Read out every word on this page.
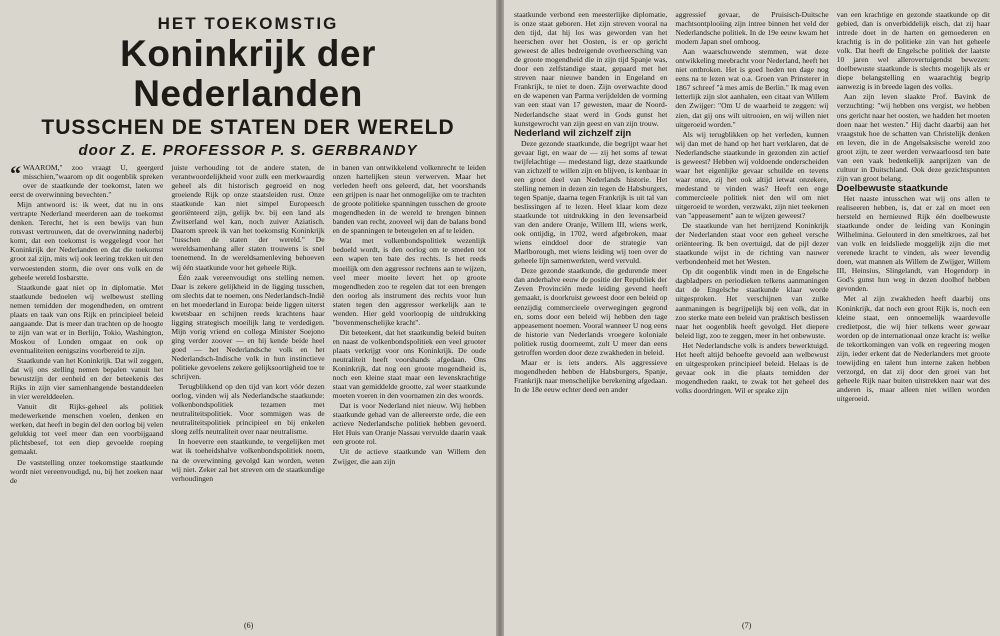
HET TOEKOMSTIG
Koninkrijk der Nederlanden
TUSSCHEN DE STATEN DER WERELD
door Z. E. PROFESSOR P. S. GERBRANDY

“ WAAROM," zoo vraagt U, geergerd misschien,"waarom op dit oogenblik spreken over de staatkunde der toekomst, laten we eerst de overwinning bevechten."

Mijn antwoord is: ik weet, dat nu in ons vertrapte Nederland meerderen aan de toekomst denken. Terecht, het is een bewijs van hun rotsvast vertrouwen, dat de overwinning naderbij komt, dat een toekomst is weggelegd voor het Koninkrijk der Nederlanden en dat die toekomst groot zal zijn, mits wij ook leering trekken uit den verwoestenden storm, die over ons volk en de geheele wereld losbarstte.

Staatkunde gaat niet op in diplomatie. Met staatkunde bedoelen wij welbewust stelling nemen temidden der mogendheden, en omtrent plaats en taak van ons Rijk en principieel beleid aangaande. Dat is meer dan trachten op de hoogte te zijn van wat er in Berlijn, Tokio, Washington, Moskou of Londen omgaat en ook op eventualiteiten eenigszins voorbereid te zijn.

Staatkunde van het Koninkrijk. Dat wil zeggen, dat wij ons stelling nemen bepalen vanuit het bewustzijn der eenheid en der beteekenis des Rijks in zijn vier samenhangende bestanddeelen in vier werelddeelen.

Vanuit dit Rijks-geheel als politiek medewerkende menschen voelen, denken en werken, dat heeft in begin del den oorlog bij velen gelukkig tot veel meer dan een voorbijgaand plichtsbesef, tot een diep gevoelde roeping gemaakt.

De vaststelling onzer toekomstige staatkunde wordt niet vereenvoudigd, nu, bij het zoeken naar de

juiste verhouding tot de andere staten, de verantwoordelijkheid voor zulk een merkwaardig geheel als dit historisch gegroeid en nog groeiende Rijk op onze staatsleiden rust. Onze staatkunde kan niet simpel Europeesch georiënteerd zijn, gelijk bv. bij een land als Zwitserland wel kan, noch zuiver Aziatisch. Daarom spreek ik van het toekomstig Koninkrijk "tusschen de staten der wereld." De wereldsamenhang aller staten trouwens is snel toenemend. In de wereldsamenleving behoeven wij één staatkunde voor het geheele Rijk.

Één zaak vereenvoudigt ons stelling nemen. Daar is zekere gelijkheid in de ligging tusschen, om slechts dat te noemen, ons Nederlandsch-Indië en het moederland in Europa: beide liggen uiterst kwetsbaar en schijnen reeds krachtens haar ligging strategisch moeilijk lang te verdedigen. Mijn vorig vriend en collega Minister Soejono ging verder zoover — en hij kende beide heel goed — het Nederlandsche volk en het Nederlandsch-Indische volk in hun instinctieve politieke gevoelens zekere gelijksoortigheid toe te schrijven.

Terugblikkend op den tijd van kort vóór dezen oorlog, vinden wij als Nederlandsche staatkunde: volkenbondspolitiek tezamen met neutraliteitspolitiek. Voor sommigen was de neutraliteitspolitiek principieel en bij enkelen sloeg zelfs neutraliteit over naar neutralisme.

In hoeverre een staatkunde, te vergelijken met wat ik toeheidshalve volkenbondspolitiek noem, na de overwinning gevolgd kan worden, weten wij niet. Zeker zal het streven om de staatkundige verhoudingen

in banen van ontwikkelend volkenrecht te leiden onzen hartelijken steun verwerven. Maar het verleden heeft ons geleerd, dat, het voorshands een grijpen is naar het onmogelijke om te trachten de groote politieke spanningen tusschen de groote mogendheden in de wereld te brengen binnen banden van recht, zooveel wij dan de balans bond en de spanningen te beteugelen en af te leiden.

Wat met volkenbondspolitiek wezenlijk bedoeld wordt, is den oorlog om te smeden tot een wapen ten bate des rechts. Is het reeds moeilijk om den aggressor rechtens aan te wijzen, veel meer moeite levert het op groote mogendheden zoo te regelen dat tot een brengen den oorlog als instrument des rechts voor hun staten tegen den aggressor werkelijk aan te wenden. Hier geld voorloopig de uitdrukking "bovenmenschelijke kracht".

Dit beteekent, dat het staatkundig beleid buiten en naast de volkenbondspolitiek een veel grooter plaats verkrijgt voor ons Koninkrijk. De oude neutraliteit heeft voorshands afgedaan. Ons Koninkrijk, dat nog een groote mogendheid is, noch een kleine staat maar een levenskrachtige staat van gemiddelde grootte, zal weer staatkunde moeten voeren in den voornamen zin des woords.

Dat is voor Nederland niet nieuw. Wij hebben staatkunde gehad van de allereerste orde, die een actieve Nederlandsche politiek hebben gevoerd. Het Huis van Oranje Nassau vervulde daarin vaak een groote rol.

Uit de actieve staatkunde van Willem den Zwijger, die aan zijn

(6)

staatkunde verbond een meesterlijke diplomatie, is onze staat geboren. Het zijn streven vooral na den tijd, dat hij los was geworden van het heerschen over het Oosten, is er op gericht geweest de alles bedreigende overheersching van de groote mogendheid die in zijn tijd Spanje was, door een zelfstandige staat, gepaard met het streven naar nieuwe banden in Engeland en Frankrijk, te niet te doen. Zijn overwachte dood en de wapenen van Parma verijdelden de vorming van een staat van 17 gewesten, maar de Noord-Nederlandsche staat werd in Gods gunst het kunstgewrocht van zijn geest en van zijn trouw.

Nederland wil zichzelf zijn

Deze gezonde staatkunde, die begrijpt waar het gevaar ligt, en waar de — zij het soms af tewat twijfelachtige — medestand ligt, deze staatkunde van zichzelf te willen zijn en blijven, is kenbaar in een groot deel van Nederlands historie. Het stelling nemen in dezen zin tegen de Habsburgers, tegen Spanje, daarna tegen Frankrijk is uit tal van beslissingen af te lezen. Heel klaar kom deze staatkunde tot uitdrukking in den levensarbeid van den andere Oranje, Willem III, wiens werk, ook ontijdig, in 1702, werd afgebroken, maar wiens einddoel door de strategie van Marlborough, met wiens leiding wij toen over de geheele lijn samenwerkten, werd vervuld.

Deze gezonde staatkunde, die gedurende meer dan anderhalve eeuw de positie der Republiek der Zeven Provinciën mede leiding gevend heeft gemaakt, is doorkruist geweest door een beleid op eenzijdig commercieele overwegingen gegrond en, soms door een beleid wij hebben den tage appeasement noemen. Vooral wanneer U nog eens de historie van Nederlands vroegere koloniale politiek rustig doorneemt, zult U meer dan eens getroffen worden door deze zwakheden in beleid.

Maar er is iets anders. Als aggressieve mogendheden hebben de Habsburgers, Spanje, Frankrijk naar menschelijke berekening afgedaan. In de 18e eeuw echter deed een ander

aggressief gevaar, de Pruisisch-Duitsche machtsontplooiing zijn intree binnen het veld der Nederlandsche politiek. In de 19e eeuw kwam het modern Japan snel omhoog.

Aan waarschuwende stemmen, wat deze ontwikkeling meebracht voor Nederland, heeft het niet ontbroken. Het is goed heden ten dage nog eens na te lezen wat o.a. Groen van Prinsterer in 1867 schreef "à mes amis de Berlin." Ik mag even letterlijk zijn slot aanhalen, een citaat van Willem den Zwijger: "Om U de waarheid te zeggen: wij zien, dat gij ons wilt uitrooien, en wij willen niet uitgeroeid worden."

Als wij terugblikken op het verleden, kunnen wij dan met de hand op het hart verklaren, dat de Nederlandsche staatkunde in gezonden zin actief is geweest? Hebben wij voldoende onderscheiden waar het eigenlijke gevaar schuilde en tevens waar onze, zij het ook altijd ietwat onzekere, medestand te vinden was? Heeft een enge commercieele politiek niet den wil om niet uitgeroeid te worden, verzwakt, zijn niet teekenen van "appeasement" aan te wijzen geweest?

De staatkunde van het herrijzend Koninkrijk der Nederlanden staat voor een geheel versche oriënteering. Ik ben overtuigd, dat de pijl dezer staatkunde wijst in de richting van nauwer verbondenheid met het Westen.

Op dit oogenblik vindt men in de Engelsche dagbladpers en periodieken telkens aanmaningen dat de Engelsche staatkunde klaar worde uitgesproken. Het verschijnen van zulke aanmaningen is begrijpelijk bij een volk, dat in zoo sterke mate een beleid van praktisch beslissen naar het oogenblik heeft gevolgd. Het diepere beleid ligt, zoo te zeggen, meer in het onbewuste.

Het Nederlandsche volk is anders bewerktuigd. Het heeft altijd behoefte gevoeld aan welbewust en uitgesproken principieel beleid. Helaas is de gevaar ook in die plaats temidden der mogendheden raakt, te zwak tot het geheel des volks doordringen. Wil er sprake zijn

van een krachtige en gezonde staatkunde op dit gebied, dan is onverbiddelijk eisch, dat zij haar intrede doet in de harten en gemoederen en krachtig is in de politieke zin van het geheele volk. Dat heeft de Engelsche politiek der laatste 10 jaren wel allerovertuigendst bewezen: doelbewuste staatkunde is slechts mogelijk als er diepe belangstelling en waarachtig begrip aanwezig is in breede lagen des volks.

Aan zijn leven slaakte Prof. Bavink de verzuchting: "wij hebben ons vergist, we hebben ons gericht naar het oosten, we hadden het moeten doen naar het westen." Hij dacht daarbij aan het vraagstuk hoe de schatten van Christelijk denken en leven, die in de Angelsaksische wereld zoo groot zijn, te zeer werden verwaarloosd ten bate van een vaak bedenkelijk aanprijzen van de cultuur in Duitschland. Ook deze gezichtspunten zijn van groot belang.

Doelbewuste staatkunde

Het naaste intusschen wat wij ons allen te realiseeren hebben, is, dat er zal en moet een hersteld en hernieuwd Rijk één doelbewuste staatkunde onder de leiding van Koningin Wilhelmina. Gelouterd in den smeltkroes, zal het van volk en leidsliede moggelijk zijn die met verenede kracht te vinden, als weer levendig doen, wat mannen als Willem de Zwijger, Willem III, Heinsius, Slingelandt, van Hogendorp in God's gunst hun weg in dezen doolhof hebben gevonden.

Met al zijn zwakheden heeft daarbij ons Koninkrijk, dat noch een groot Rijk is, noch een kleine staat, een onnoemelijk waardevolle credietpost, die wij hier telkens weer gewaar worden op de internationaal onze kracht is: welke de tekortkomingen van volk en regeering mogen zijn, ieder erkent dat de Nederlanders met groote toewijding en talent hun interne zaken hebben verzorgd, en dat zij door den groei van het geheele Rijk naar buiten uitstrekken naar wat des anderen is, maar alleen niet willen worden uitgeroeid.

(7)
